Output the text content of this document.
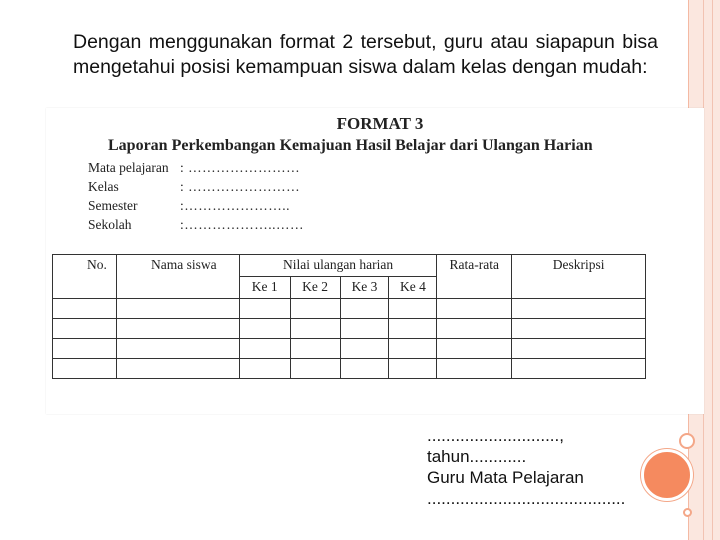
Dengan menggunakan format 2 tersebut, guru atau siapapun bisa mengetahui posisi kemampuan siswa dalam kelas dengan mudah:
FORMAT 3
Laporan Perkembangan Kemajuan Hasil Belajar dari Ulangan Harian
Mata pelajaran : ……………………
Kelas	: ……………………
Semester	:…………………..
Sekolah	:………………..……
No.	Nama siswa	Nilai ulangan harian				Rata-rata	Deskripsi
		Ke 1	Ke 2	Ke 3	Ke 4		

............................,
tahun............
Guru Mata Pelajaran
..........................................
